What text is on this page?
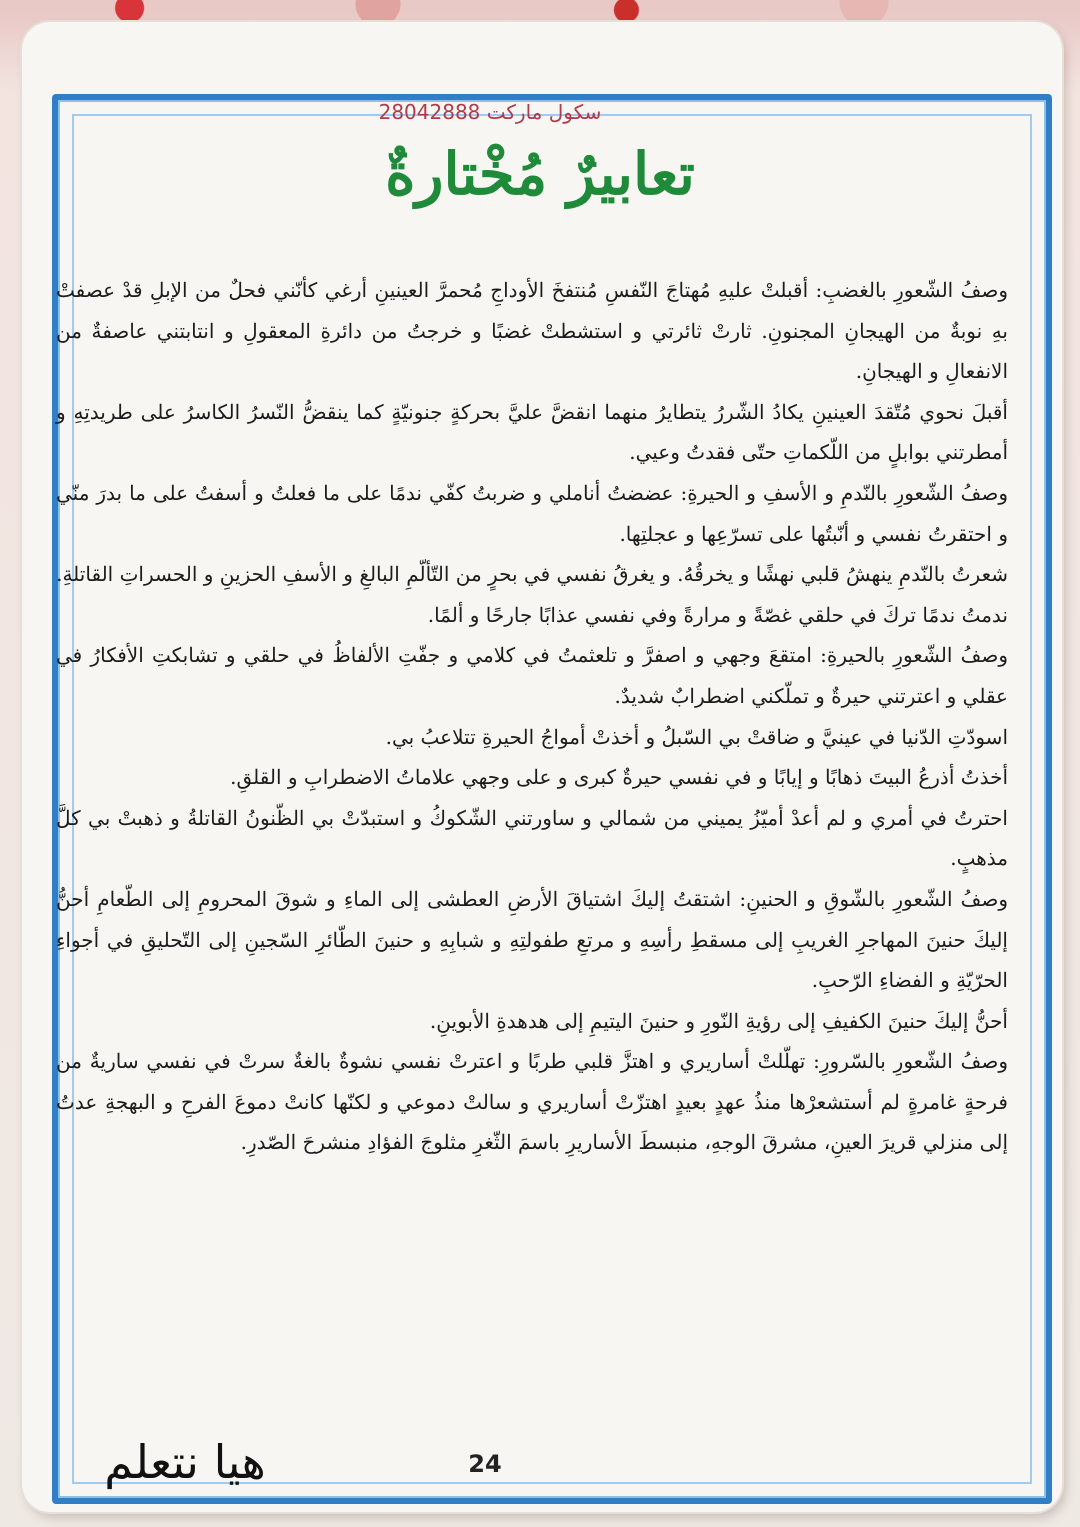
سكول ماركت 28042888
تعابيرٌ مُخْتارةٌ

وصفُ الشّعورِ بالغضبِ: أقبلتْ عليهِ مُهتاجَ النّفسِ مُنتفخَ الأوداجِ مُحمرَّ العينينِ أرغي كأنّني فحلٌ من الإبلِ قدْ عصفتْ بهِ نوبةٌ من الهيجانِ المجنونِ. ثارتْ ثائرتي و استشطتْ غضبًا و خرجتُ من دائرةِ المعقولِ و انتابتني عاصفةٌ من الانفعالِ و الهيجانِ.

أقبلَ نحوي مُتّقدَ العينينِ يكادُ الشّررُ يتطايرُ منهما انقضَّ عليَّ بحركةٍ جنونيّةٍ كما ينقضُّ النّسرُ الكاسرُ على طريدتِهِ و أمطرتني بوابلٍ من اللّكماتِ حتّى فقدتُ وعيي.

وصفُ الشّعورِ بالنّدمِ و الأسفِ و الحيرةِ: عضضتُ أناملي و ضربتُ كفّي ندمًا على ما فعلتُ و أسفتُ على ما بدرَ منّي و احتقرتُ نفسي و أنّبتُها على تسرّعِها و عجلتِها.

شعرتُ بالنّدمِ ينهشُ قلبي نهشًا و يخرقُهُ. و يغرقُ نفسي في بحرٍ من التّألّمِ البالغِ و الأسفِ الحزينِ و الحسراتِ القاتلةِ.

ندمتُ ندمًا تركَ في حلقي غصّةً و مرارةً وفي نفسي عذابًا جارحًا و ألمًا.

وصفُ الشّعورِ بالحيرةِ: امتقعَ وجهي و اصفرَّ و تلعثمتُ في كلامي و جفّتِ الألفاظُ في حلقي و تشابكتِ الأفكارُ في عقلي و اعترتني حيرةٌ و تملّكني اضطرابٌ شديدٌ.

اسودّتِ الدّنيا في عينيَّ و ضاقتْ بي السّبلُ و أخذتْ أمواجُ الحيرةِ تتلاعبُ بي.

أخذتُ أذرعُ البيتَ ذهابًا و إيابًا و في نفسي حيرةٌ كبرى و على وجهي علاماتُ الاضطرابِ و القلقِ.

احترتُ في أمري و لم أعدْ أميّزُ يميني من شمالي و ساورتني الشّكوكُ و استبدّتْ بي الظّنونُ القاتلةُ و ذهبتْ بي كلَّ مذهبٍ.

وصفُ الشّعورِ بالشّوقِ و الحنينِ: اشتقتُ إليكَ اشتياقَ الأرضِ العطشى إلى الماءِ و شوقَ المحرومِ إلى الطّعامِ أحنُّ إليكَ حنينَ المهاجرِ الغريبِ إلى مسقطِ رأسِهِ و مرتعِ طفولتِهِ و شبابِهِ و حنينَ الطّائرِ السّجينِ إلى التّحليقِ في أجواءِ الحرّيّةِ و الفضاءِ الرّحبِ.

أحنُّ إليكَ حنينَ الكفيفِ إلى رؤيةِ النّورِ و حنينَ اليتيمِ إلى هدهدةِ الأبوينِ.

وصفُ الشّعورِ بالسّرورِ: تهلّلتْ أساريري و اهتزَّ قلبي طربًا و اعترتْ نفسي نشوةٌ بالغةٌ سرتْ في نفسي ساريةٌ من فرحةٍ غامرةٍ لم أستشعرْها منذُ عهدٍ بعيدٍ اهتزّتْ أساريري و سالتْ دموعي و لكنّها كانتْ دموعَ الفرحِ و البهجةِ عدتُ إلى منزلي قريرَ العينِ، مشرقَ الوجهِ، منبسطَ الأساريرِ باسمَ الثّغرِ مثلوجَ الفؤادِ منشرحَ الصّدرِ.

24
هيا نتعلم
